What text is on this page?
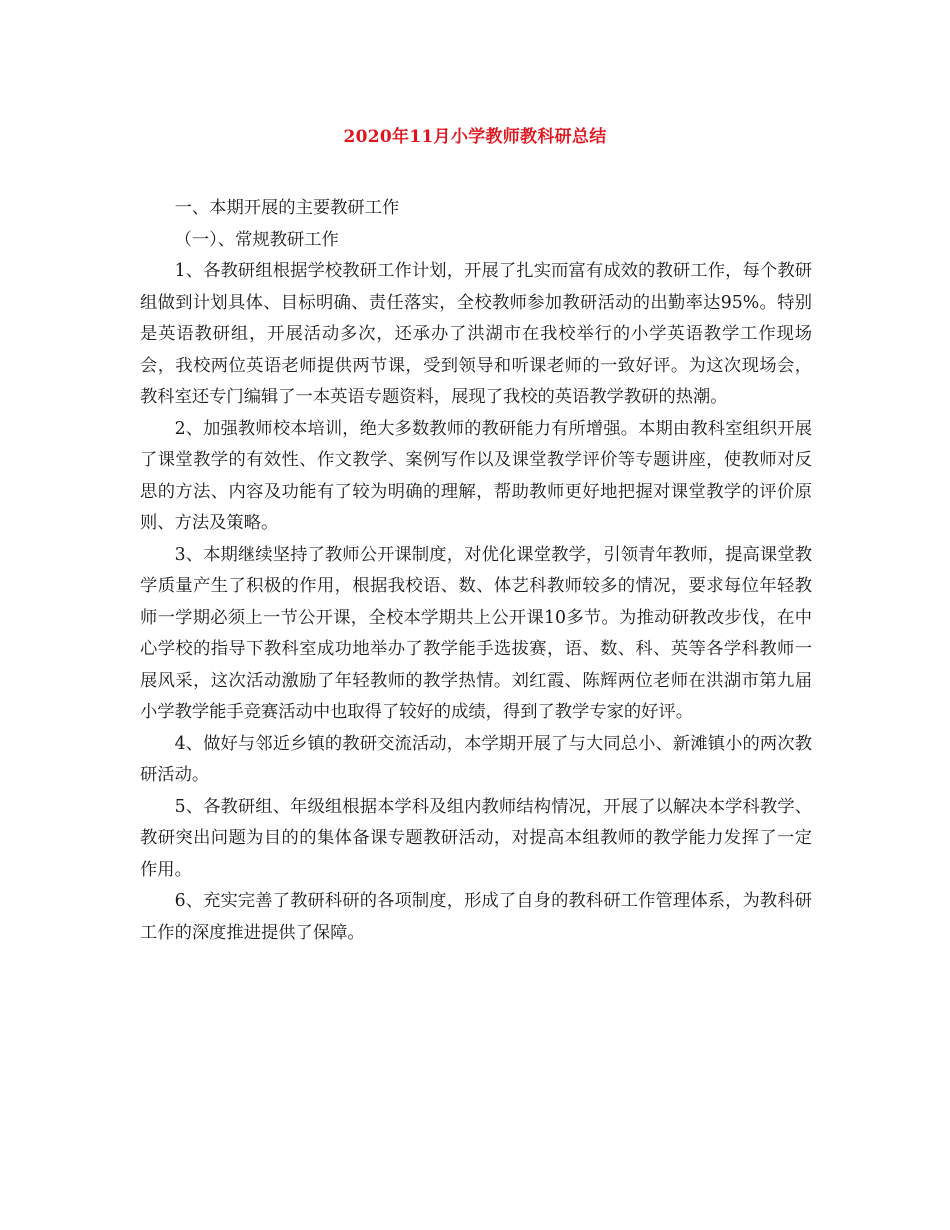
2020年11月小学教师教科研总结

一、本期开展的主要教研工作

（一）、常规教研工作

1、各教研组根据学校教研工作计划，开展了扎实而富有成效的教研工作，每个教研组做到计划具体、目标明确、责任落实，全校教师参加教研活动的出勤率达95%。特别是英语教研组，开展活动多次，还承办了洪湖市在我校举行的小学英语教学工作现场会，我校两位英语老师提供两节课，受到领导和听课老师的一致好评。为这次现场会，教科室还专门编辑了一本英语专题资料，展现了我校的英语教学教研的热潮。

2、加强教师校本培训，绝大多数教师的教研能力有所增强。本期由教科室组织开展了课堂教学的有效性、作文教学、案例写作以及课堂教学评价等专题讲座，使教师对反思的方法、内容及功能有了较为明确的理解，帮助教师更好地把握对课堂教学的评价原则、方法及策略。

3、本期继续坚持了教师公开课制度，对优化课堂教学，引领青年教师，提高课堂教学质量产生了积极的作用，根据我校语、数、体艺科教师较多的情况，要求每位年轻教师一学期必须上一节公开课，全校本学期共上公开课10多节。为推动研教改步伐，在中心学校的指导下教科室成功地举办了教学能手选拔赛，语、数、科、英等各学科教师一展风采，这次活动激励了年轻教师的教学热情。刘红霞、陈辉两位老师在洪湖市第九届小学教学能手竞赛活动中也取得了较好的成绩，得到了教学专家的好评。

4、做好与邻近乡镇的教研交流活动，本学期开展了与大同总小、新滩镇小的两次教研活动。

5、各教研组、年级组根据本学科及组内教师结构情况，开展了以解决本学科教学、教研突出问题为目的的集体备课专题教研活动，对提高本组教师的教学能力发挥了一定作用。

6、充实完善了教研科研的各项制度，形成了自身的教科研工作管理体系，为教科研工作的深度推进提供了保障。
